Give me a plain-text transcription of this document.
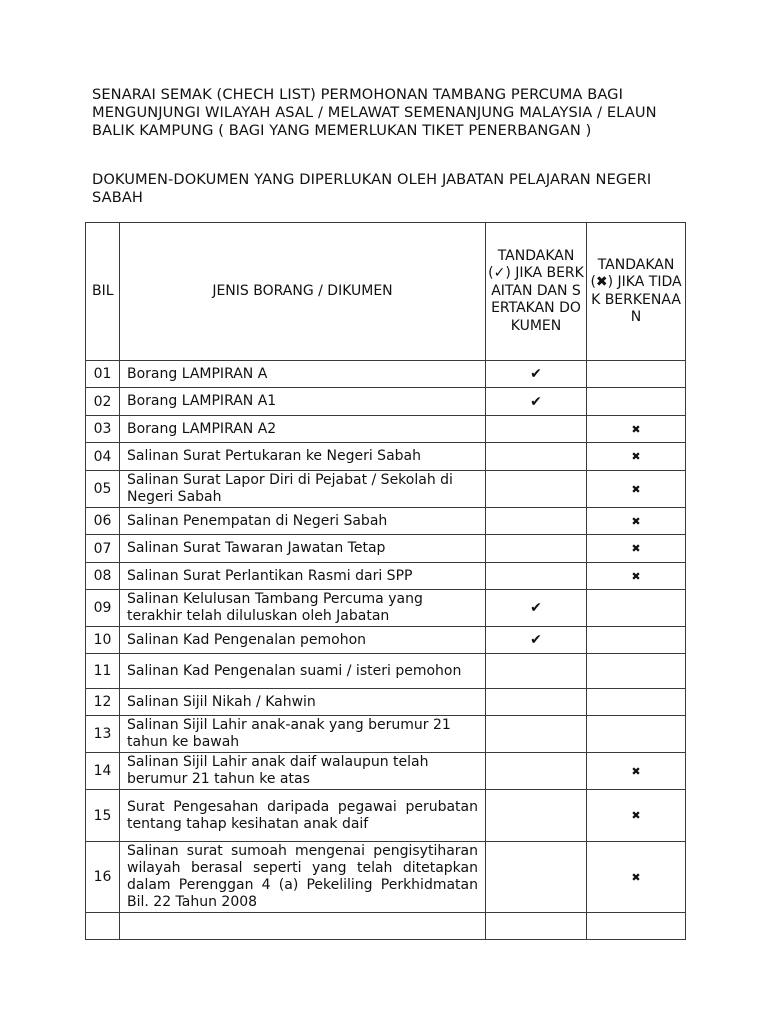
SENARAI SEMAK (CHECH LIST) PERMOHONAN TAMBANG PERCUMA BAGI MENGUNJUNGI WILAYAH ASAL / MELAWAT SEMENANJUNG MALAYSIA / ELAUN BALIK KAMPUNG ( BAGI YANG MEMERLUKAN TIKET PENERBANGAN )
DOKUMEN-DOKUMEN YANG DIPERLUKAN OLEH JABATAN PELAJARAN NEGERI SABAH
BIL	JENIS BORANG / DIKUMEN	TANDAKAN (✓) JIKA BERKAITAN DAN SERTAKAN DOKUMEN	TANDAKAN (✖) JIKA TIDAK BERKENAAN
01	Borang LAMPIRAN A	✔	
02	Borang LAMPIRAN A1	✔	
03	Borang LAMPIRAN A2		✖
04	Salinan Surat Pertukaran ke Negeri Sabah		✖
05	Salinan Surat Lapor Diri di Pejabat / Sekolah di Negeri Sabah		✖
06	Salinan Penempatan di Negeri Sabah		✖
07	Salinan Surat Tawaran Jawatan Tetap		✖
08	Salinan Surat Perlantikan Rasmi dari SPP		✖
09	Salinan Kelulusan Tambang Percuma yang terakhir telah diluluskan oleh Jabatan	✔	
10	Salinan Kad Pengenalan pemohon	✔	
11	Salinan Kad Pengenalan suami / isteri pemohon		
12	Salinan Sijil Nikah / Kahwin		
13	Salinan Sijil Lahir anak-anak yang berumur 21 tahun ke bawah		
14	Salinan Sijil Lahir anak daif walaupun telah berumur 21 tahun ke atas		✖
15	Surat Pengesahan daripada pegawai perubatan tentang tahap kesihatan anak daif		✖
16	Salinan surat sumoah mengenai pengisytiharan wilayah berasal seperti yang telah ditetapkan dalam Perenggan 4 (a) Pekeliling Perkhidmatan Bil. 22 Tahun 2008		✖
